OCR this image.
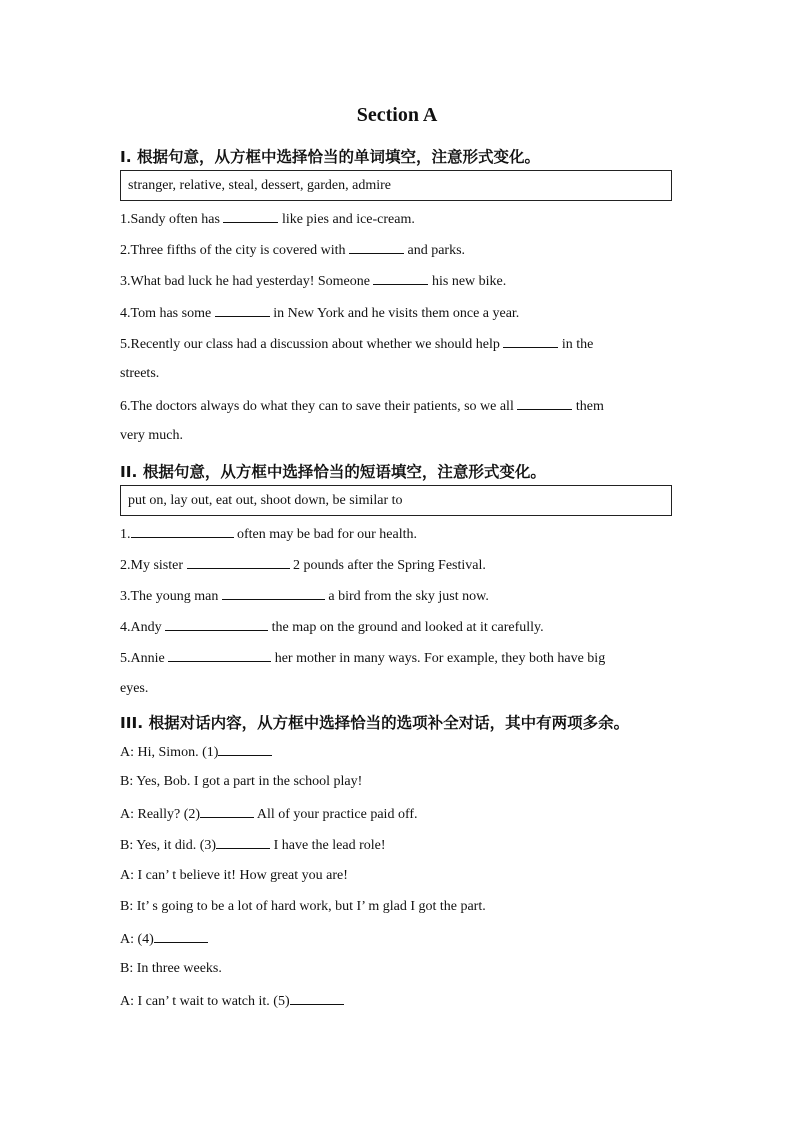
Section A
Ⅰ. 根据句意，从方框中选择恰当的单词填空，注意形式变化。
stranger, relative, steal, dessert, garden, admire
1.Sandy often has	like pies and ice-cream.
2.Three fifths of the city is covered with	and parks.
3.What bad luck he had yesterday! Someone	his new bike.
4.Tom has some	in New York and he visits them once a year.
5.Recently our class had a discussion about whether we should help	in the
streets.
6.The doctors always do what they can to save their patients, so we all	them
very much.
II. 根据句意，从方框中选择恰当的短语填空，注意形式变化。
put on, lay out, eat out, shoot down, be similar to
1.	often may be bad for our health.
2.My sister	2 pounds after the Spring Festival.
3.The young man	a bird from the sky just now.
4.Andy	the map on the ground and looked at it carefully.
5.Annie	her mother in many ways. For example, they both have big
eyes.
III. 根据对话内容，从方框中选择恰当的选项补全对话，其中有两项多余。
A: Hi, Simon. (1)
B: Yes, Bob. I got a part in the school play!
A: Really? (2)	All of your practice paid off.
B: Yes, it did. (3)	I have the lead role!
A: I can’ t believe it! How great you are!
B: It’ s going to be a lot of hard work, but I’ m glad I got the part.
A: (4)
B: In three weeks.
A: I can’ t wait to watch it. (5)
